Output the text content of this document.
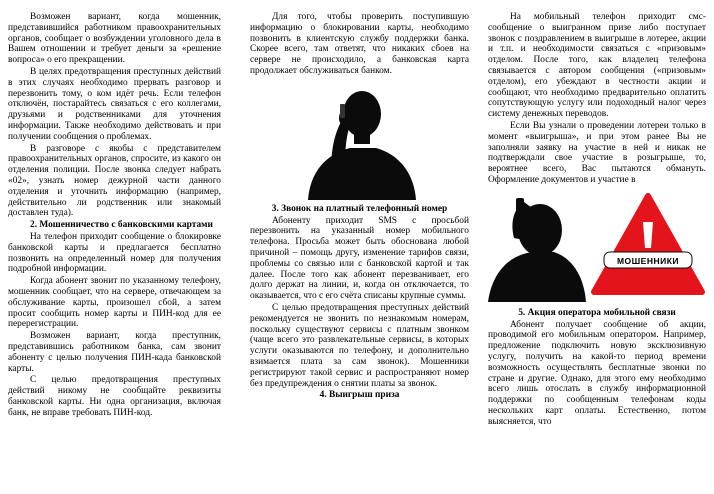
Возможен вариант, когда мошенник, представившийся работником правоохранительных органов, сообщает о возбуждении уголовного дела в Вашем отношении и требует деньги за «решение вопроса» о его прекращении.

В целях предотвращения преступных действий в этих случаях необходимо прервать разговор и перезвонить тому, о ком идёт речь. Если телефон отключён, постарайтесь связаться с его коллегами, друзьями и родственниками для уточнения информации. Также необходимо действовать и при получении сообщения о проблемах.

В разговоре с якобы с представителем правоохранительных органов, спросите, из какого он отделения полиции. После звонка следует набрать «02», узнать номер дежурной части данного отделения и уточнить информацию (например, действительно ли родственник или знакомый доставлен туда).

2. Мошенничество с банковскими картами

На телефон приходит сообщение о блокировке банковской карты и предлагается бесплатно позвонить на определенный номер для получения подробной информации.

Когда абонент звонит по указанному телефону, мошенник сообщает, что на сервере, отвечающем за обслуживание карты, произошел сбой, а затем просит сообщить номер карты и ПИН-код для ее перерегистрации.

Возможен вариант, когда преступник, представившись работником банка, сам звонит абоненту с целью получения ПИН-када банковской карты.

С целью предотвращения преступных действий никому не сообщайте реквизиты банковской карты. Ни одна организация, включая банк, не вправе требовать ПИН-код.

Для того, чтобы проверить поступившую информацию о блокировании карты, необходимо позвонить в клиентскую службу поддержки банка. Скорее всего, там ответят, что никаких сбоев на сервере не происходило, а банковская карта продолжает обслуживаться банком.

3. Звонок на платный телефонный номер

Абоненту приходит SMS с просьбой перезвонить на указанный номер мобильного телефона. Просьба может быть обоснована любой причиной – помощь другу, изменение тарифов связи, проблемы со связью или с банковской картой и так далее. После того как абонент перезванивает, его долго держат на линии, и, когда он отключается, то оказывается, что с его счёта списаны крупные суммы.

С целью предотвращения преступных действий рекомендуется не звонить по незнакомым номерам, поскольку существуют сервисы с платным звонком (чаще всего это развлекательные сервисы, в которых услуги оказываются по телефону, и дополнительно взимается плата за сам звонок). Мошенники регистрируют такой сервис и распространяют номер без предупреждения о снятии платы за звонок.

4. Выигрыш приза

На мобильный телефон приходит смс-сообщение о выигранном призе либо поступает звонок с поздравлением в выигрыше в лотерее, акции и т.п. и необходимости связаться с «призовым» отделом. После того, как владелец телефона связывается с автором сообщения («призовым» отделом), его убеждают в честности акции и сообщают, что необходимо предварительно оплатить сопутствующую услугу или подоходный налог через систему денежных переводов.

Если Вы узнали о проведении лотереи только в момент «выигрыша», и при этом ранее Вы не заполняли заявку на участие в ней и никак не подтверждали свое участие в розыгрыше, то, вероятнее всего, Вас пытаются обмануть. Оформление документов и участие в

МОШЕННИКИ
5. Акция оператора мобильной связи

Абонент получает сообщение об акции, проводимой его мобильным оператором. Например, предложение подключить новую эксклюзивную услугу, получить на какой-то период времени возможность осуществлять бесплатные звонки по стране и другие. Однако, для этого ему необходимо всего лишь отослать в службу информационной поддержки по сообщенным телефонам коды нескольких карт оплаты. Естественно, потом выясняется, что
